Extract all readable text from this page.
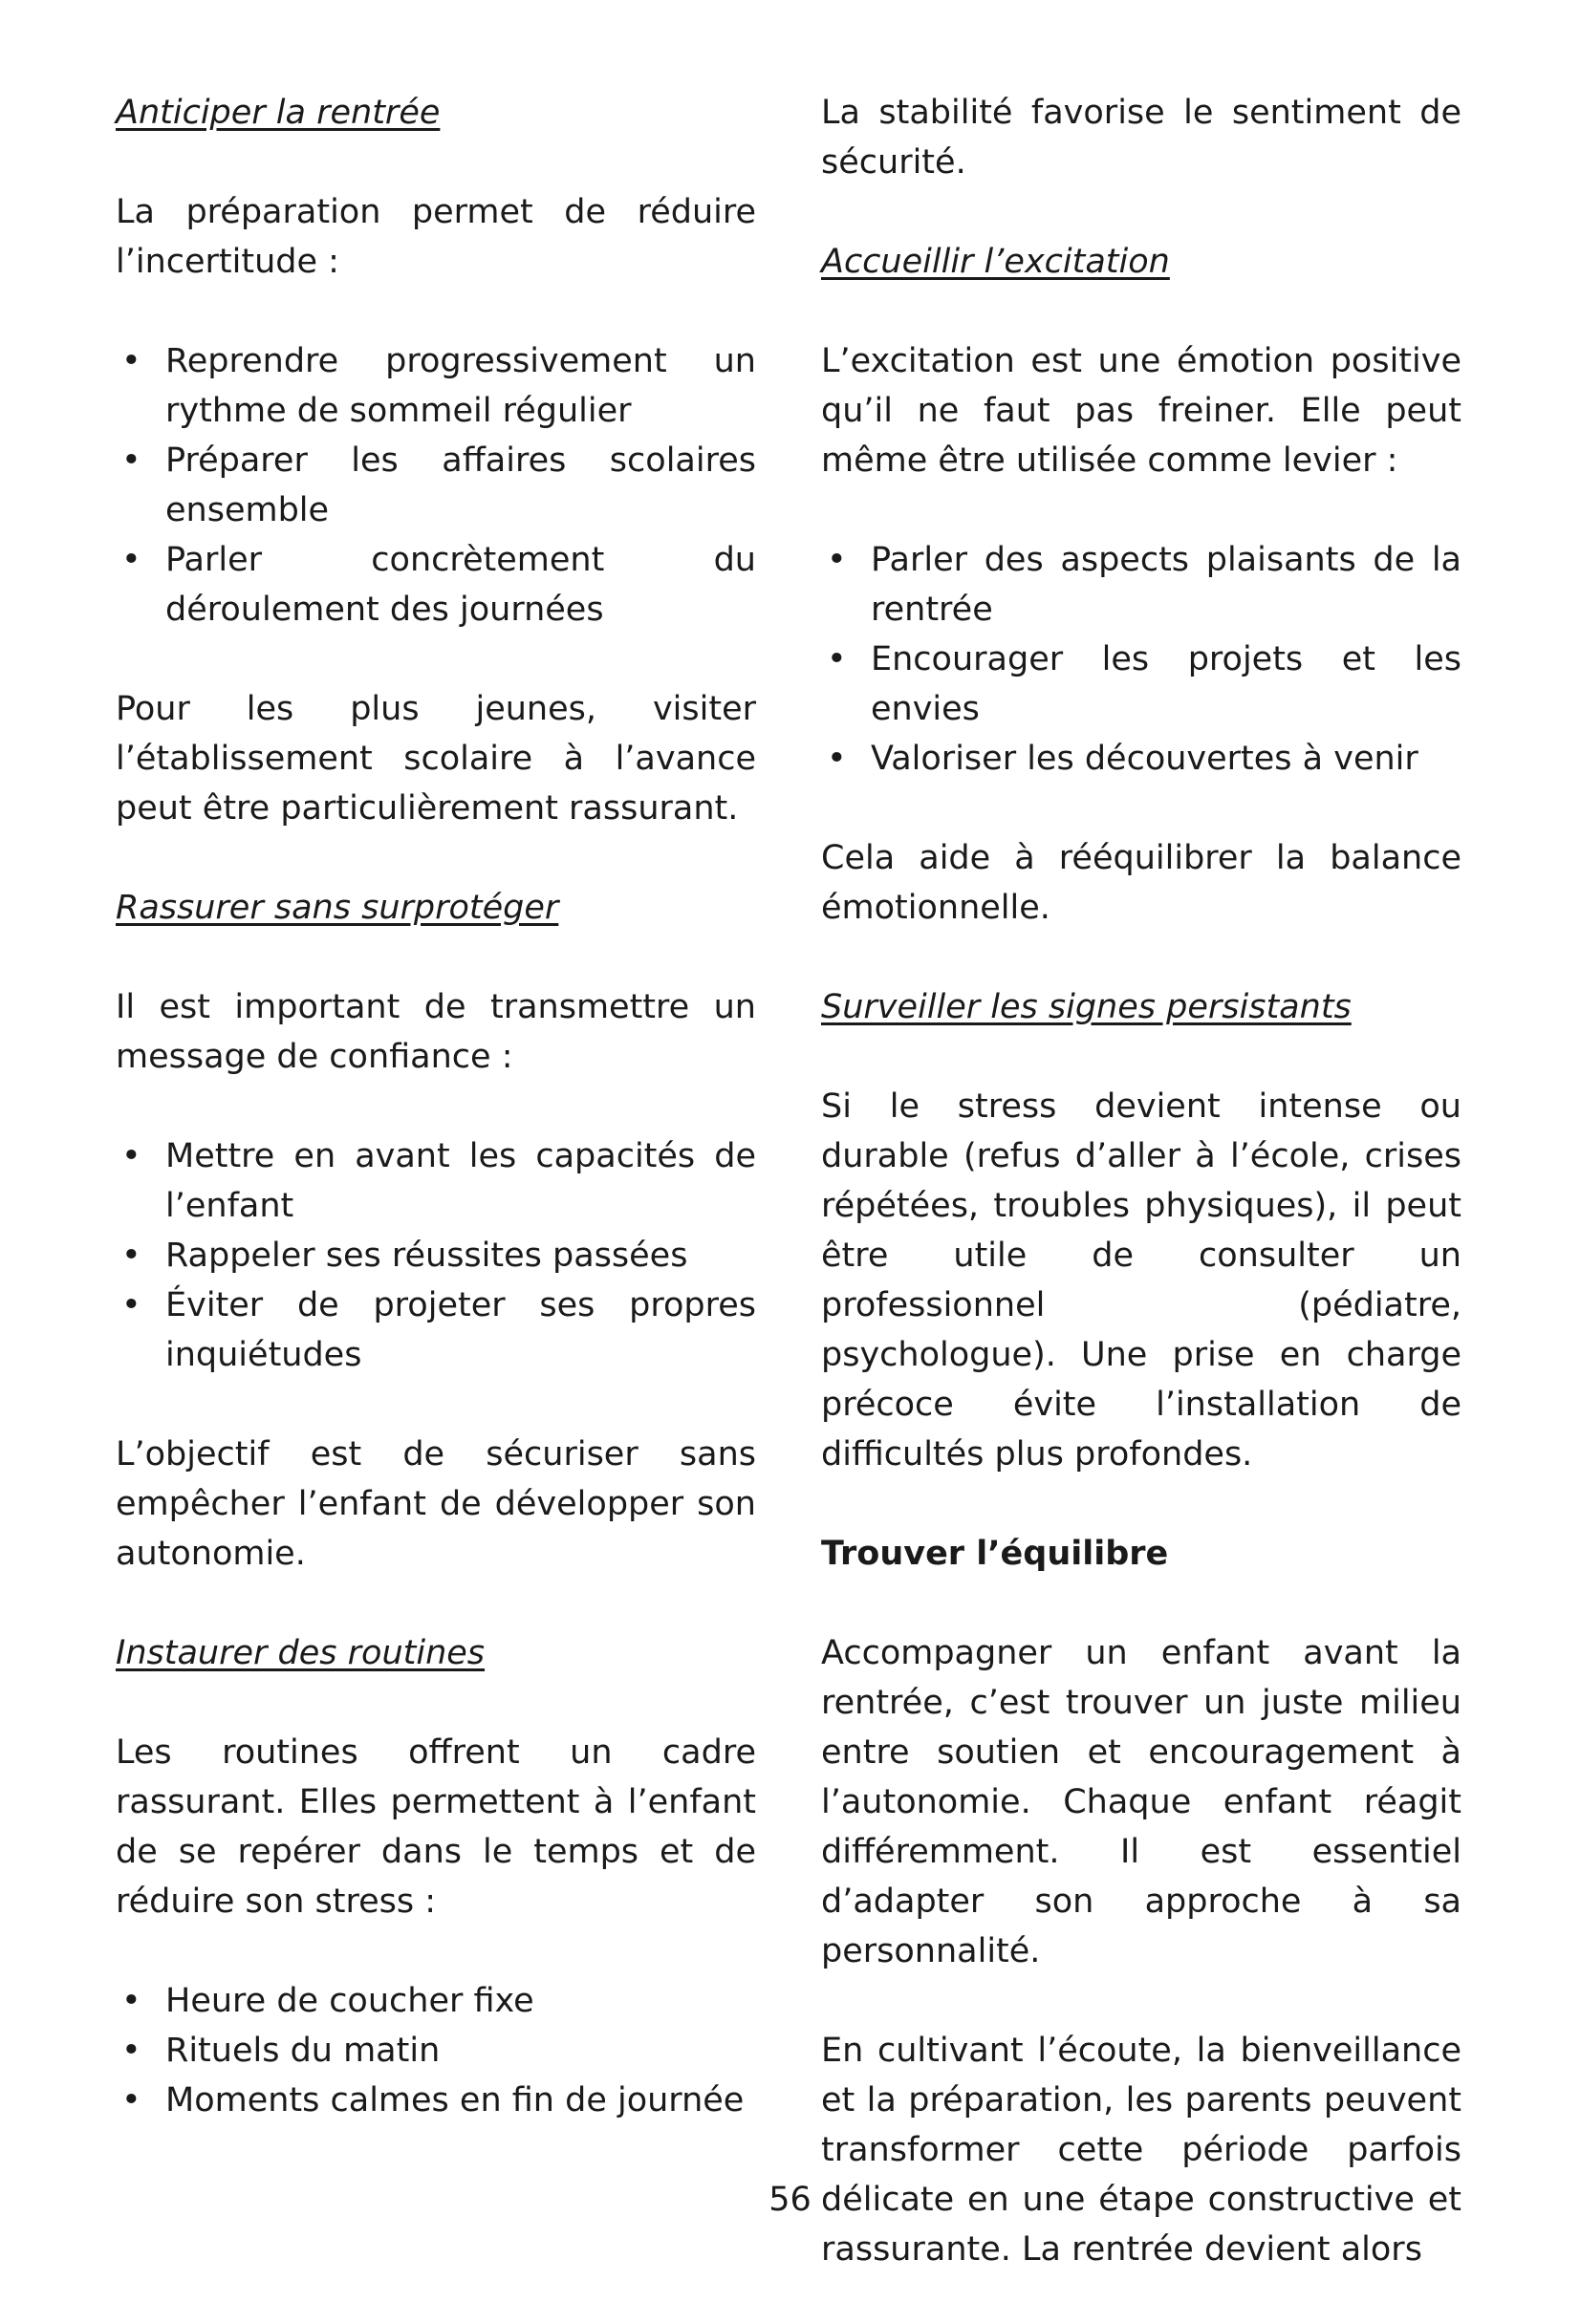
Anticiper la rentrée

La préparation permet de réduire l’incertitude :

• Reprendre progressivement un rythme de sommeil régulier
• Préparer les affaires scolaires ensemble
• Parler concrètement du déroulement des journées

Pour les plus jeunes, visiter l’établissement scolaire à l’avance peut être particulièrement rassurant.

Rassurer sans surprotéger

Il est important de transmettre un message de confiance :

• Mettre en avant les capacités de l’enfant
• Rappeler ses réussites passées
• Éviter de projeter ses propres inquiétudes

L’objectif est de sécuriser sans empêcher l’enfant de développer son autonomie.

Instaurer des routines

Les routines offrent un cadre rassurant. Elles permettent à l’enfant de se repérer dans le temps et de réduire son stress :

• Heure de coucher fixe
• Rituels du matin
• Moments calmes en fin de journée

La stabilité favorise le sentiment de sécurité.

Accueillir l’excitation

L’excitation est une émotion positive qu’il ne faut pas freiner. Elle peut même être utilisée comme levier :

• Parler des aspects plaisants de la rentrée
• Encourager les projets et les envies
• Valoriser les découvertes à venir

Cela aide à rééquilibrer la balance émotionnelle.

Surveiller les signes persistants

Si le stress devient intense ou durable (refus d’aller à l’école, crises répétées, troubles physiques), il peut être utile de consulter un professionnel (pédiatre, psychologue). Une prise en charge précoce évite l’installation de difficultés plus profondes.

Trouver l’équilibre

Accompagner un enfant avant la rentrée, c’est trouver un juste milieu entre soutien et encouragement à l’autonomie. Chaque enfant réagit différemment. Il est essentiel d’adapter son approche à sa personnalité.

En cultivant l’écoute, la bienveillance et la préparation, les parents peuvent transformer cette période parfois délicate en une étape constructive et rassurante. La rentrée devient alors

56
